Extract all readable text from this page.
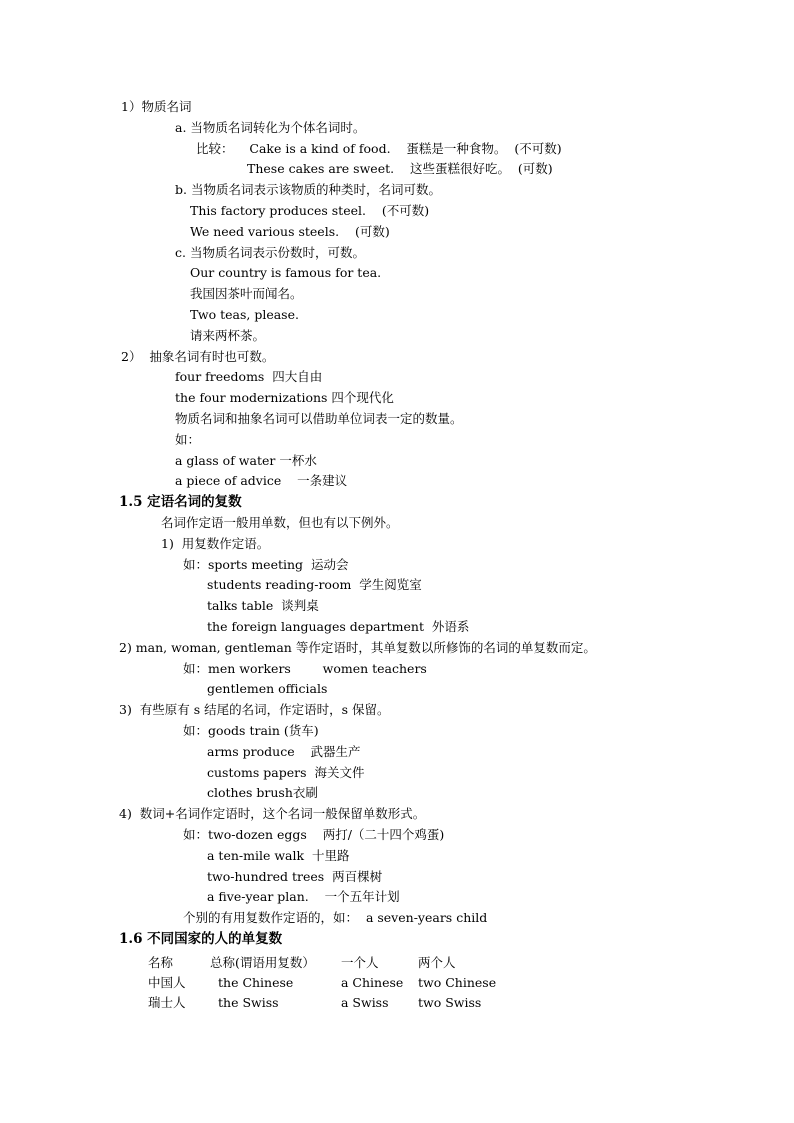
1）物质名词
a. 当物质名词转化为个体名词时。
比较：    Cake is a kind of food.    蛋糕是一种食物。  (不可数)
These cakes are sweet.    这些蛋糕很好吃。  (可数)
b. 当物质名词表示该物质的种类时，名词可数。
This factory produces steel.    (不可数)
We need various steels.    (可数)
c. 当物质名词表示份数时，可数。
Our country is famous for tea.
我国因茶叶而闻名。
Two teas, please.
请来两杯茶。
2）  抽象名词有时也可数。
four freedoms  四大自由
the four modernizations 四个现代化
物质名词和抽象名词可以借助单位词表一定的数量。
如：
a glass of water 一杯水
a piece of advice    一条建议
1.5 定语名词的复数
名词作定语一般用单数，但也有以下例外。
1)  用复数作定语。
如：sports meeting  运动会
students reading-room  学生阅览室
talks table  谈判桌
the foreign languages department  外语系
2) man, woman, gentleman 等作定语时，其单复数以所修饰的名词的单复数而定。
如：men workers        women teachers
gentlemen officials
3)  有些原有 s 结尾的名词，作定语时，s 保留。
如：goods train (货车)
arms produce    武器生产
customs papers  海关文件
clothes brush衣刷
4)  数词+名词作定语时，这个名词一般保留单数形式。
如：two-dozen eggs    两打/（二十四个鸡蛋)
a ten-mile walk  十里路
two-hundred trees  两百棵树
a five-year plan.    一个五年计划
个别的有用复数作定语的，如：  a seven-years child
1.6 不同国家的人的单复数
名称	总称(谓语用复数）	一个人	两个人
中国人	the Chinese	a Chinese	two Chinese
瑞士人	the Swiss	a Swiss	two Swiss
